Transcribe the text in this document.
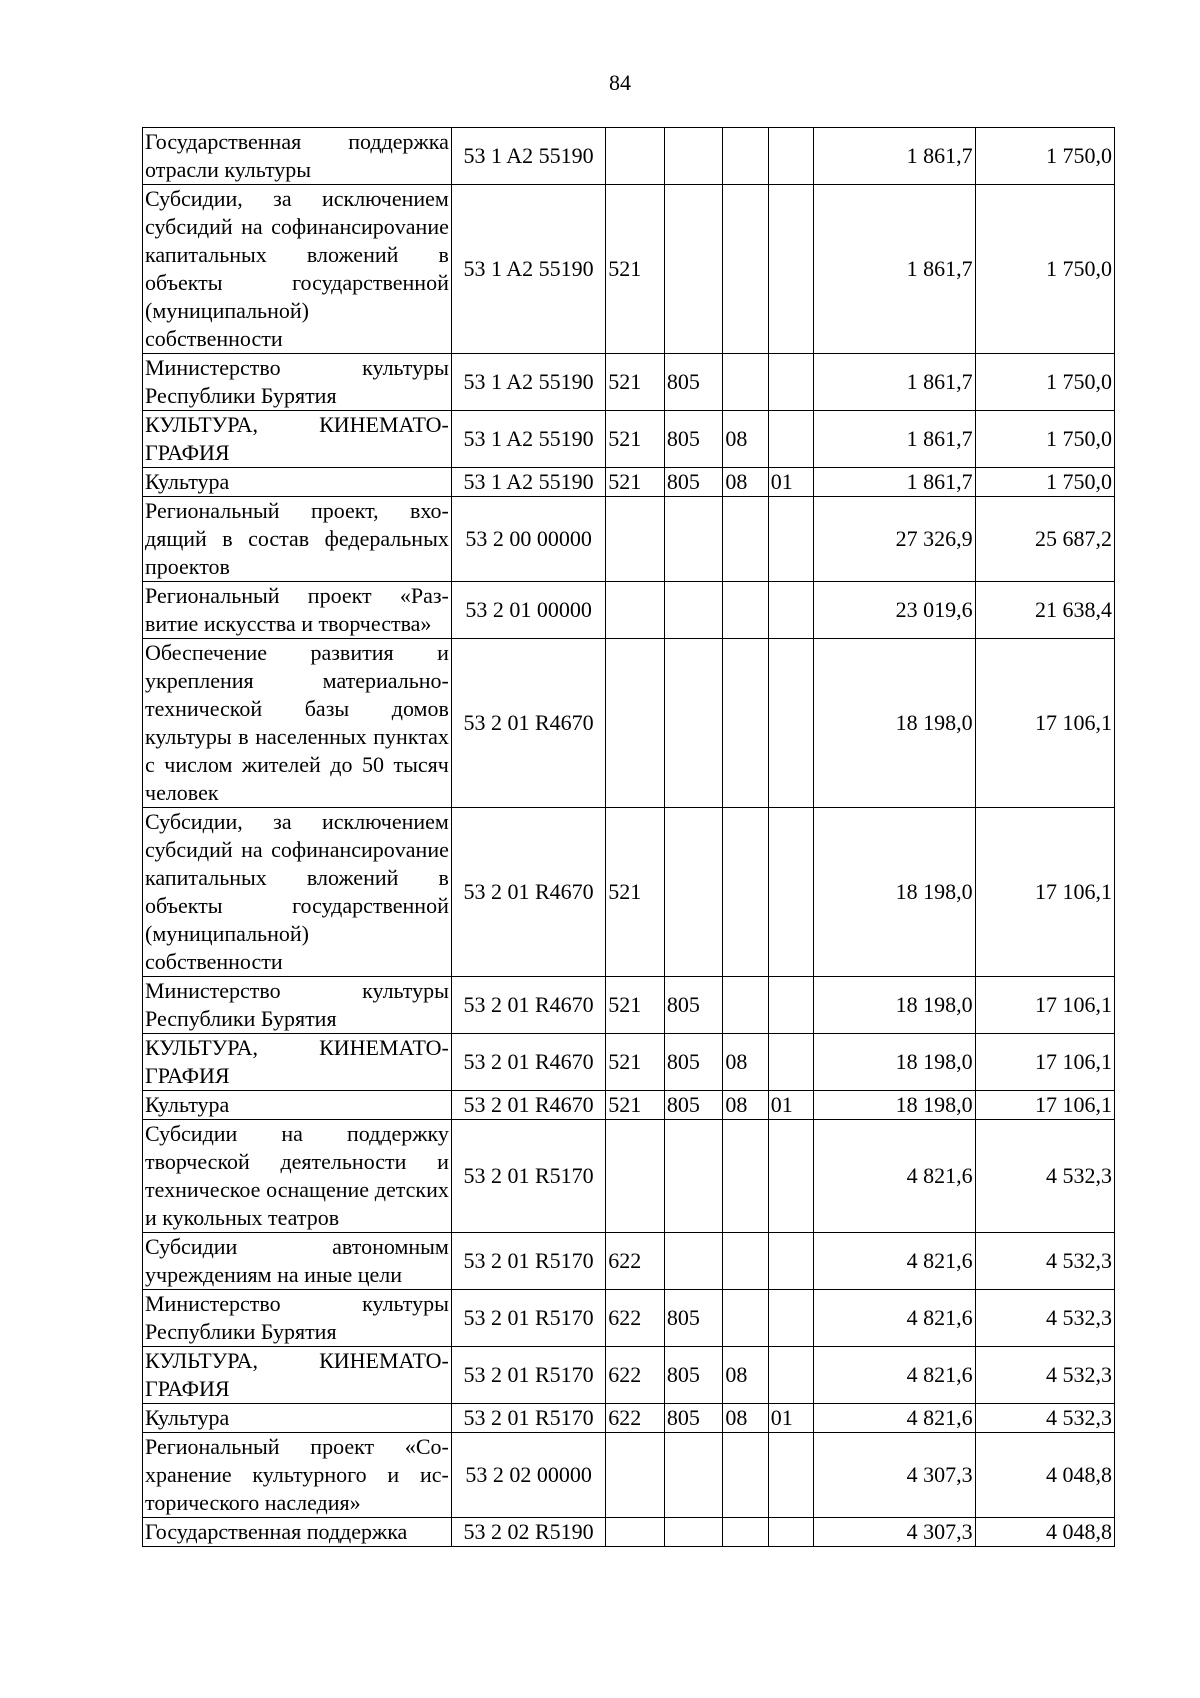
84
Государственная поддержка отрасли культуры	53 1 A2 55190					1 861,7	1 750,0
Субсидии, за исключением субсидий на софинансироvание капитальных вложений в объекты государственной (муниципальной) собственности	53 1 A2 55190	521				1 861,7	1 750,0
Министерство культуры Республики Бурятия	53 1 A2 55190	521	805			1 861,7	1 750,0
КУЛЬТУРА, КИНЕМАТОГРАФИЯ	53 1 A2 55190	521	805	08		1 861,7	1 750,0
Культура	53 1 A2 55190	521	805	08	01	1 861,7	1 750,0
Региональный проект, входящий в состав федеральных проектов	53 2 00 00000					27 326,9	25 687,2
Региональный проект «Развитие искусства и творчества»	53 2 01 00000					23 019,6	21 638,4
Обеспечение развития и укрепления материально-технической базы домов культуры в населенных пунктах с числом жителей до 50 тысяч человек	53 2 01 R4670					18 198,0	17 106,1
Субсидии, за исключением субсидий на софинансироvание капитальных вложений в объекты государственной (муниципальной) собственности	53 2 01 R4670	521				18 198,0	17 106,1
Министерство культуры Республики Бурятия	53 2 01 R4670	521	805			18 198,0	17 106,1
КУЛЬТУРА, КИНЕМАТОГРАФИЯ	53 2 01 R4670	521	805	08		18 198,0	17 106,1
Культура	53 2 01 R4670	521	805	08	01	18 198,0	17 106,1
Субсидии на поддержку творческой деятельности и техническое оснащение детских и кукольных театров	53 2 01 R5170					4 821,6	4 532,3
Субсидии автономным учреждениям на иные цели	53 2 01 R5170	622				4 821,6	4 532,3
Министерство культуры Республики Бурятия	53 2 01 R5170	622	805			4 821,6	4 532,3
КУЛЬТУРА, КИНЕМАТОГРАФИЯ	53 2 01 R5170	622	805	08		4 821,6	4 532,3
Культура	53 2 01 R5170	622	805	08	01	4 821,6	4 532,3
Региональный проект «Сохранение культурного и исторического наследия»	53 2 02 00000					4 307,3	4 048,8
Государственная поддержка	53 2 02 R5190					4 307,3	4 048,8
